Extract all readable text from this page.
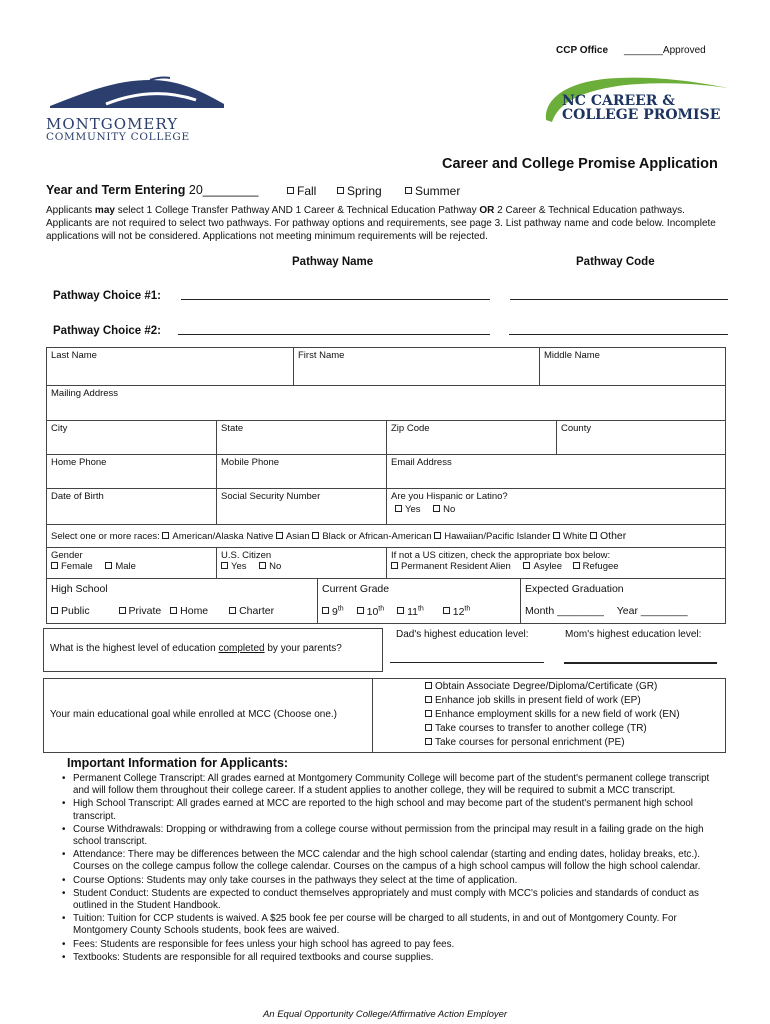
CCP Office _______Approved
MONTGOMERY
COMMUNITY COLLEGE
NC CAREER &
COLLEGE PROMISE
Career and College Promise Application
Year and Term Entering 20________	Fall	Spring	Summer
Applicants may select 1 College Transfer Pathway AND 1 Career & Technical Education Pathway OR 2 Career & Technical Education pathways. Applicants are not required to select two pathways. For pathway options and requirements, see page 3. List pathway name and code below. Incomplete applications will not be considered. Applications not meeting minimum requirements will be rejected.
Pathway Name	Pathway Code
Pathway Choice #1:
Pathway Choice #2:
Last Name	First Name	Middle Name
Mailing Address
City	State	Zip Code	County
Home Phone	Mobile Phone	Email Address
Date of Birth	Social Security Number	Are you Hispanic or Latino?
Yes No
Select one or more races: American/Alaska Native Asian Black or African-American Hawaiian/Pacific Islander White Other
Gender
Female Male
U.S. Citizen
Yes No
If not a US citizen, check the appropriate box below:
Permanent Resident Alien Asylee Refugee
High School
Public	Private Home	Charter
Current Grade
9th 10th 11th	12th
Expected Graduation
Month ________ Year ________
What is the highest level of education completed by your parents?
Dad's highest education level:	Mom's highest education level:
Your main educational goal while enrolled at MCC (Choose one.)
Obtain Associate Degree/Diploma/Certificate (GR)
Enhance job skills in present field of work (EP)
Enhance employment skills for a new field of work (EN)
Take courses to transfer to another college (TR)
Take courses for personal enrichment (PE)
Important Information for Applicants:
• Permanent College Transcript: All grades earned at Montgomery Community College will become part of the student's permanent college transcript and will follow them throughout their college career. If a student applies to another college, they will be required to submit a MCC transcript.
• High School Transcript: All grades earned at MCC are reported to the high school and may become part of the student's permanent high school transcript.
• Course Withdrawals: Dropping or withdrawing from a college course without permission from the principal may result in a failing grade on the high school transcript.
• Attendance: There may be differences between the MCC calendar and the high school calendar (starting and ending dates, holiday breaks, etc.). Courses on the college campus follow the college calendar. Courses on the campus of a high school campus will follow the high school calendar.
• Course Options: Students may only take courses in the pathways they select at the time of application.
• Student Conduct: Students are expected to conduct themselves appropriately and must comply with MCC's policies and standards of conduct as outlined in the Student Handbook.
• Tuition: Tuition for CCP students is waived. A $25 book fee per course will be charged to all students, in and out of Montgomery County. For Montgomery County Schools students, book fees are waived.
• Fees: Students are responsible for fees unless your high school has agreed to pay fees.
• Textbooks: Students are responsible for all required textbooks and course supplies.
An Equal Opportunity College/Affirmative Action Employer
